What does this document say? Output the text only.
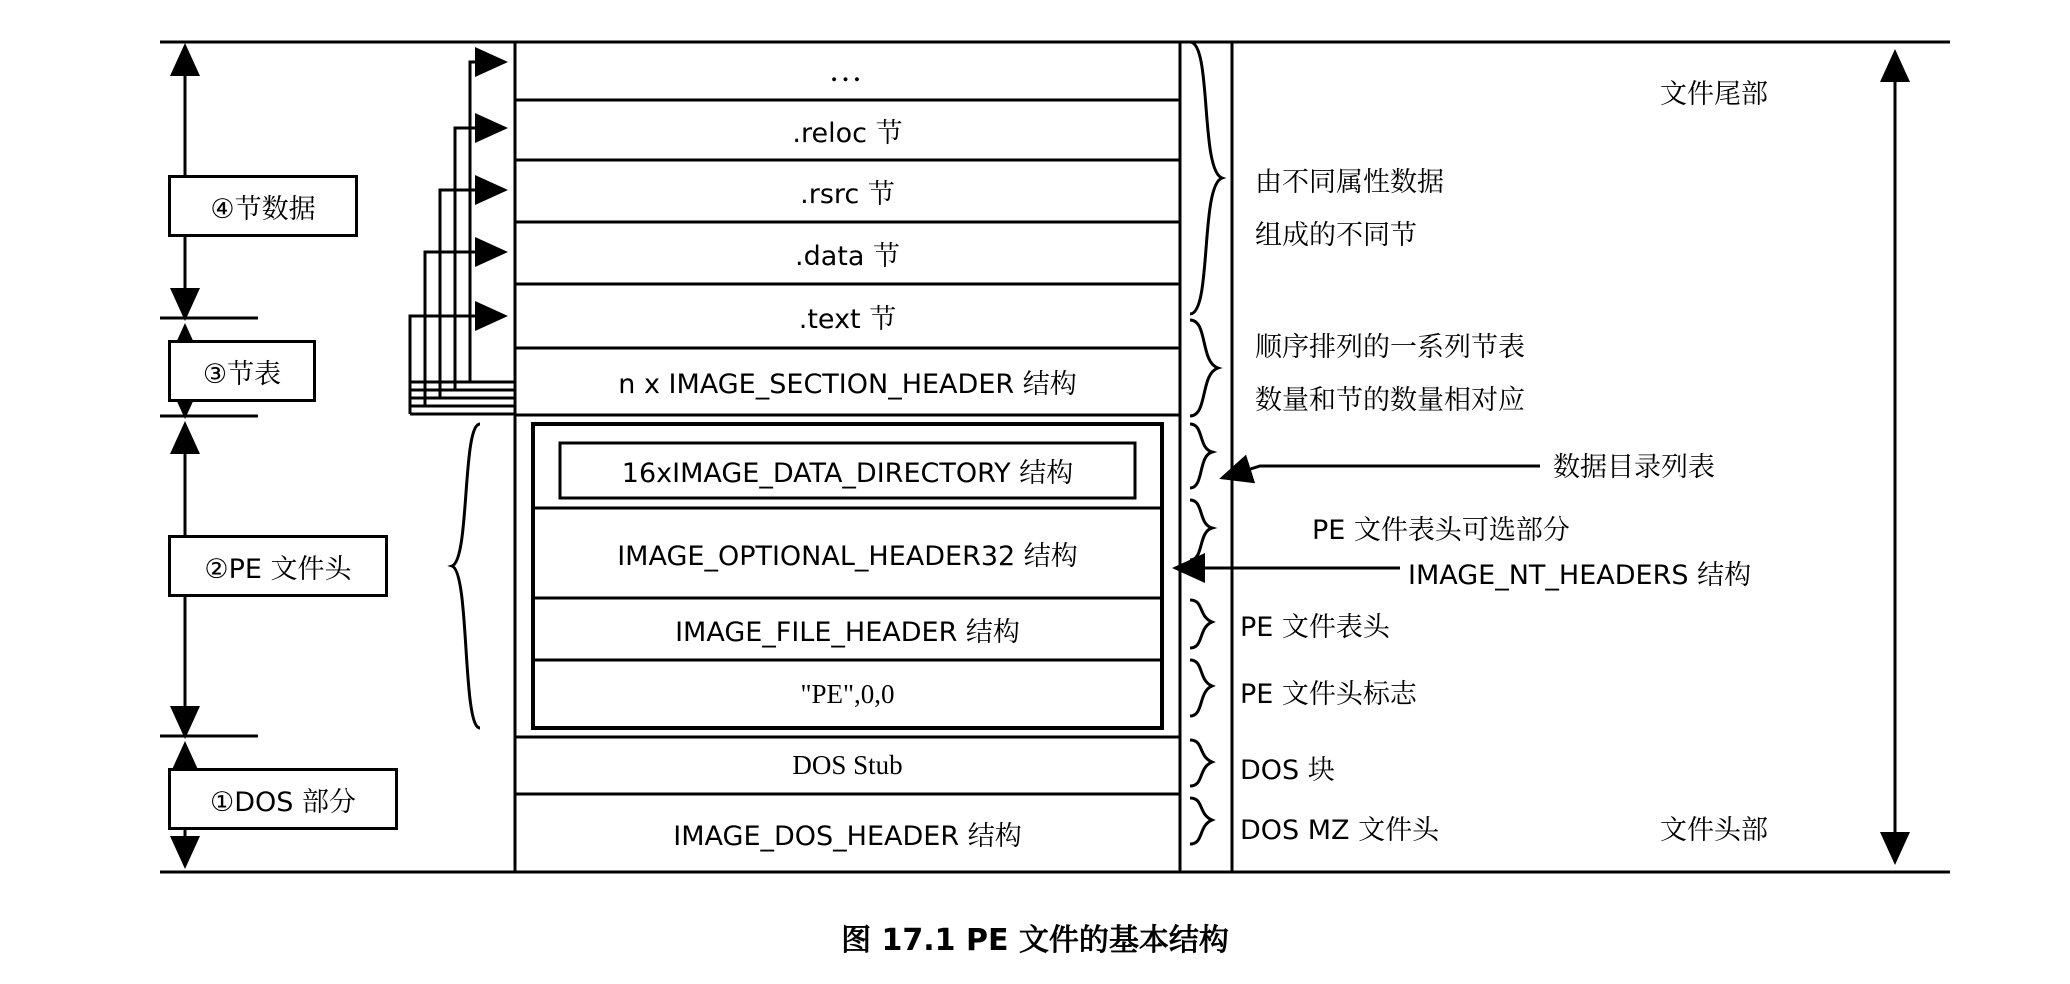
④节数据
③节表
②PE 文件头
①DOS 部分
…
.reloc 节
.rsrc 节
.data 节
.text 节
n x IMAGE_SECTION_HEADER 结构
16xIMAGE_DATA_DIRECTORY 结构
IMAGE_OPTIONAL_HEADER32 结构
IMAGE_FILE_HEADER 结构
"PE",0,0
DOS Stub
IMAGE_DOS_HEADER 结构
由不同属性数据
组成的不同节
顺序排列的一系列节表
数量和节的数量相对应
数据目录列表
PE 文件表头可选部分
IMAGE_NT_HEADERS 结构
PE 文件表头
PE 文件头标志
DOS 块
DOS MZ 文件头
文件尾部
文件头部
图 17.1 PE 文件的基本结构
